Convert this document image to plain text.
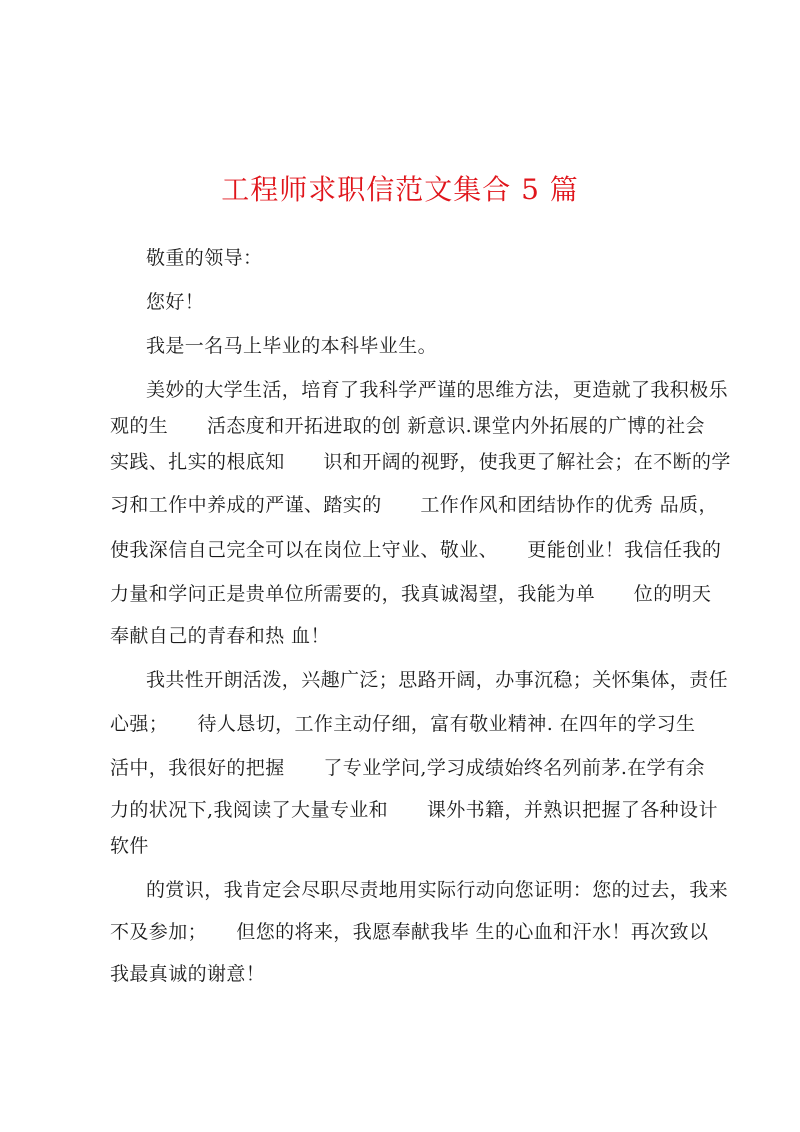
工程师求职信范文集合 5 篇
敬重的领导：
您好！
我是一名马上毕业的本科毕业生。
美妙的大学生活，培育了我科学严谨的思维方法，更造就了我积极乐
观的生　　活态度和开拓进取的创 新意识.课堂内外拓展的广博的社会
实践、扎实的根底知　　识和开阔的视野，使我更了解社会；在不断的学
习和工作中养成的严谨、踏实的　　工作作风和团结协作的优秀 品质，
使我深信自己完全可以在岗位上守业、敬业、　　更能创业！我信任我的
力量和学问正是贵单位所需要的，我真诚渴望，我能为单　　位的明天
奉献自己的青春和热 血！
我共性开朗活泼，兴趣广泛；思路开阔，办事沉稳；关怀集体，责任
心强；　　待人恳切，工作主动仔细，富有敬业精神. 在四年的学习生
活中，我很好的把握　　了专业学问,学习成绩始终名列前茅.在学有余
力的状况下,我阅读了大量专业和　　课外书籍，并熟识把握了各种设计
软件
的赏识，我肯定会尽职尽责地用实际行动向您证明：您的过去，我来
不及参加；　　但您的将来，我愿奉献我毕 生的心血和汗水！再次致以
我最真诚的谢意！
